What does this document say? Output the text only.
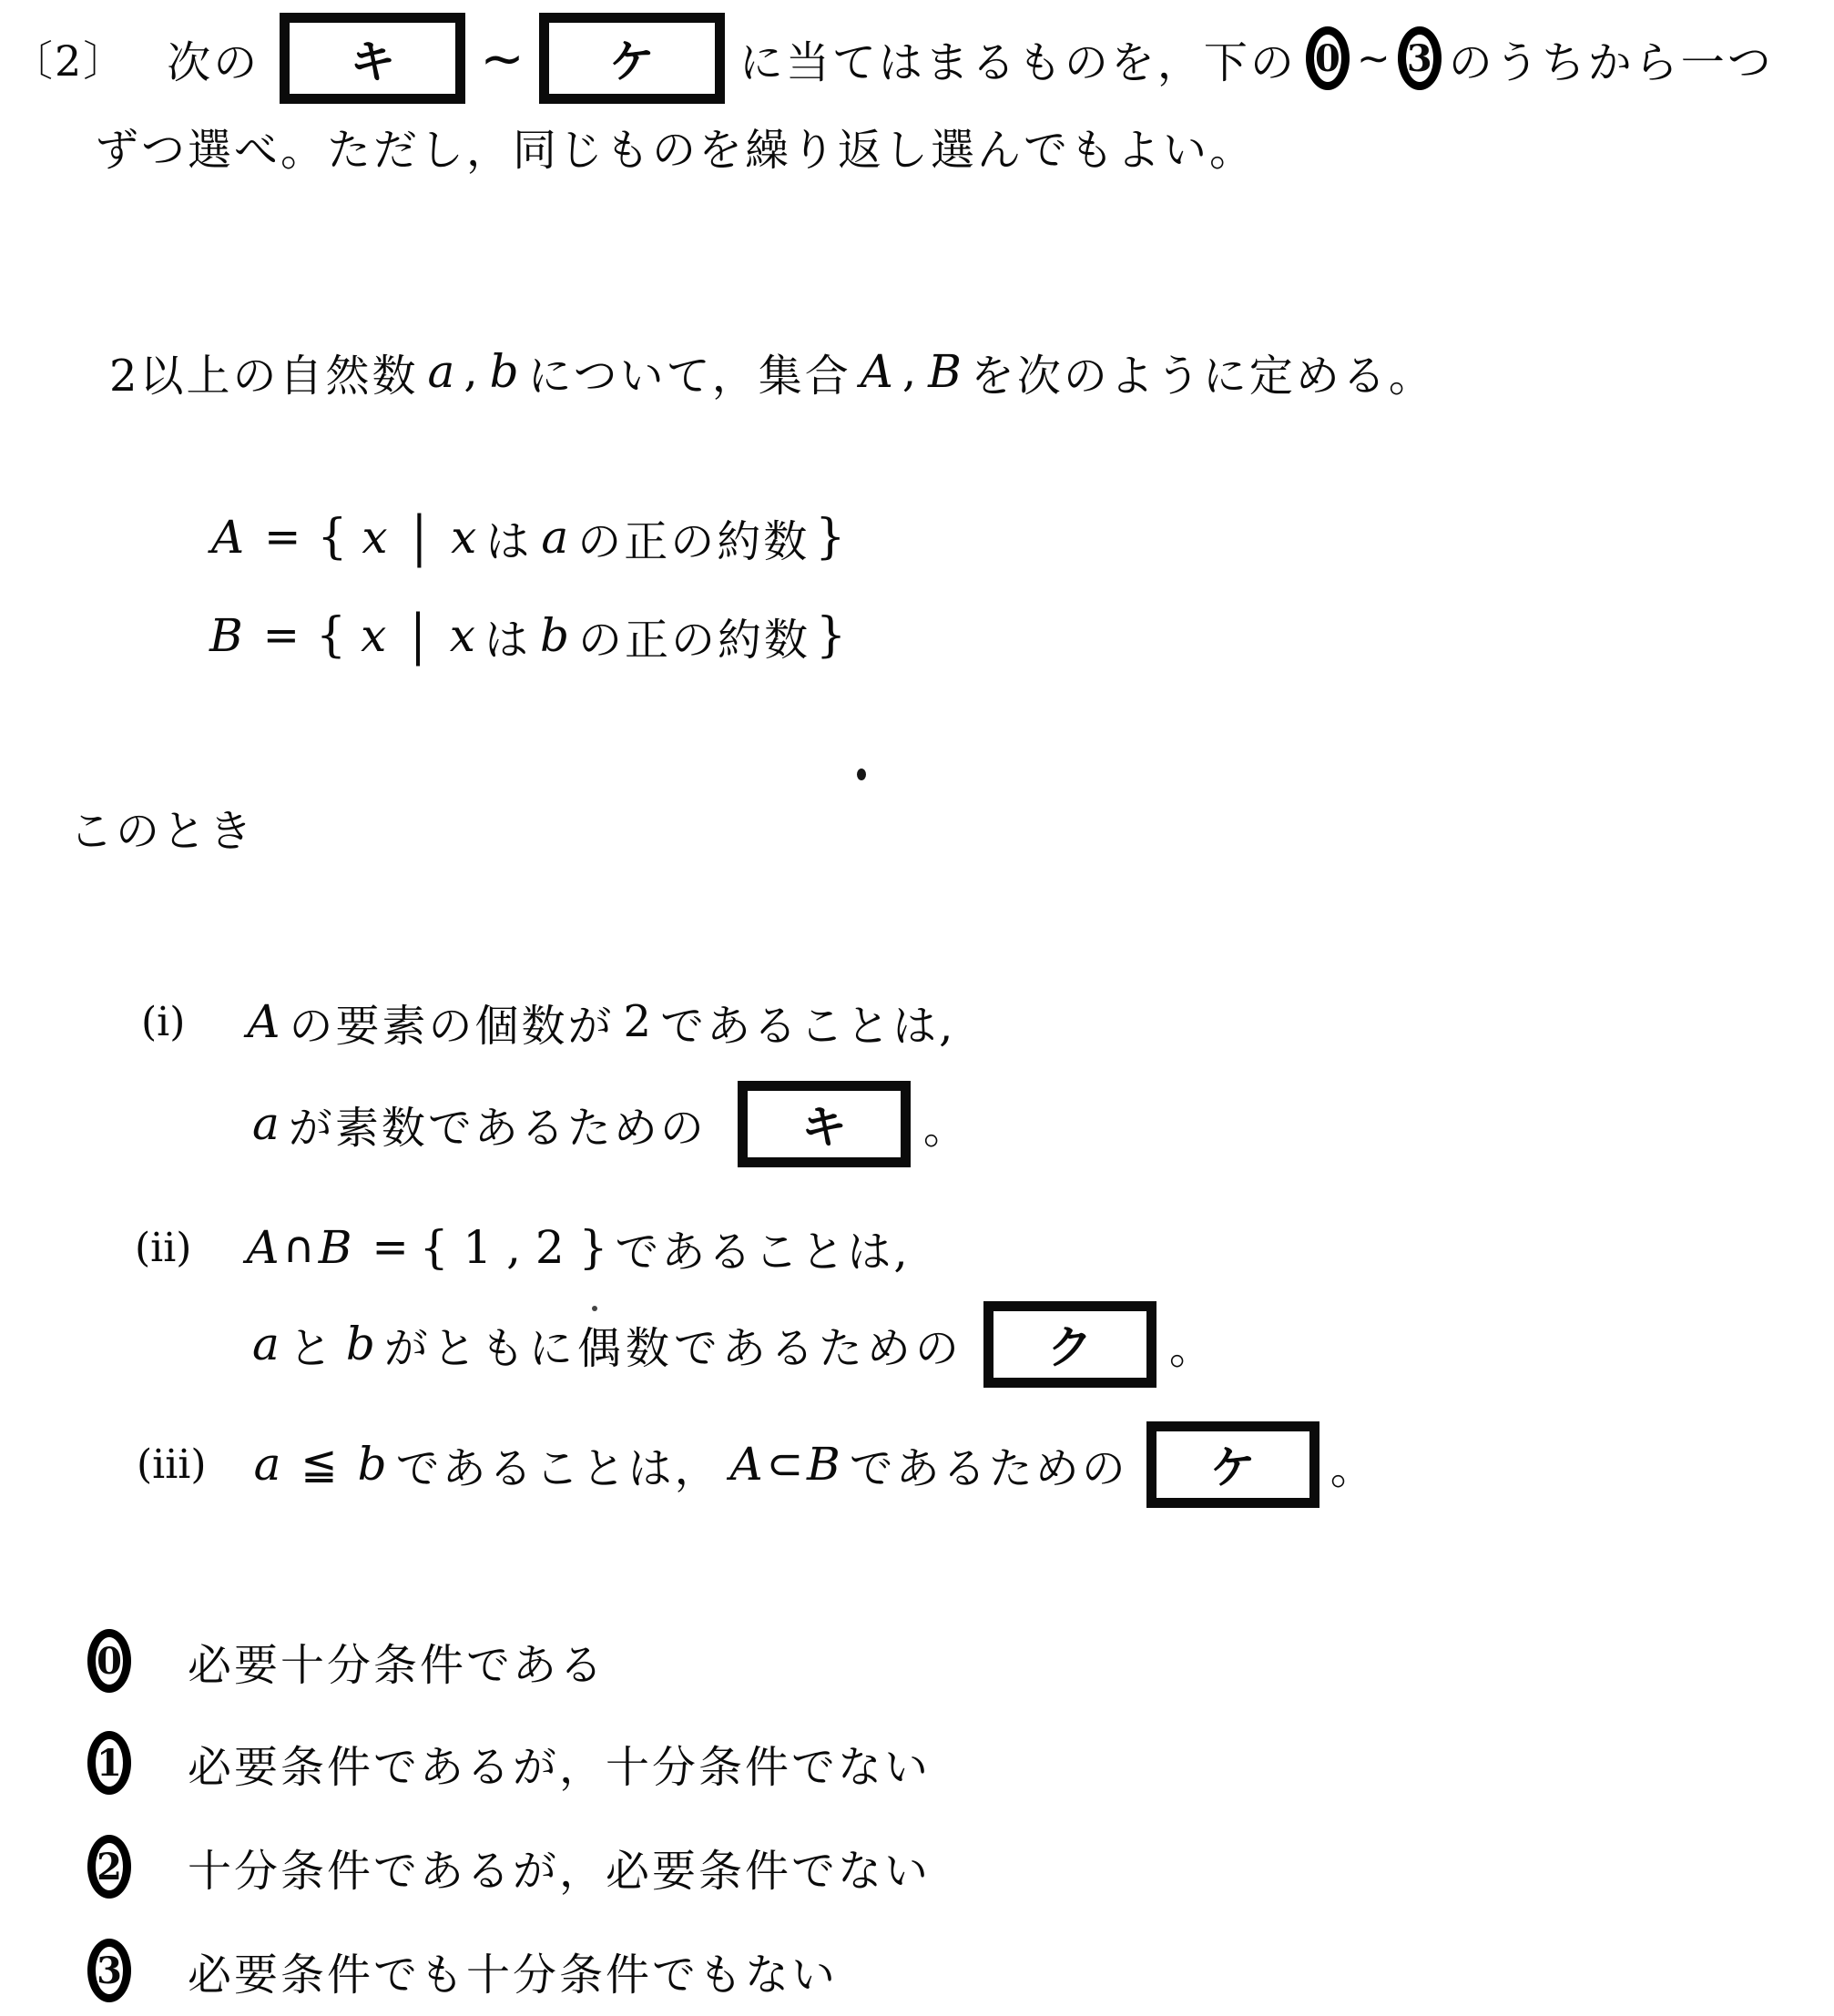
〔2〕 次の キ ∼ ケ に当てはまるものを，下の 0 ∼ 3 のうちから一つ
ずつ選べ。ただし，同じものを繰り返し選んでもよい。
2以上の自然数 a , b について，集合 A , B を次のように定める。
A = { x | x は a の正の約数 }
B = { x | x は b の正の約数 }
このとき
(i) A の要素の個数が 2 であることは,
a が素数であるための キ 。
(ii) A ∩ B = { 1 , 2 } であることは,
a と b がともに偶数であるための ク 。
(iii) a ≦ b であることは， A ⊂ B であるための ケ 。
0 必要十分条件である
1 必要条件であるが，十分条件でない
2 十分条件であるが，必要条件でない
3 必要条件でも十分条件でもない
